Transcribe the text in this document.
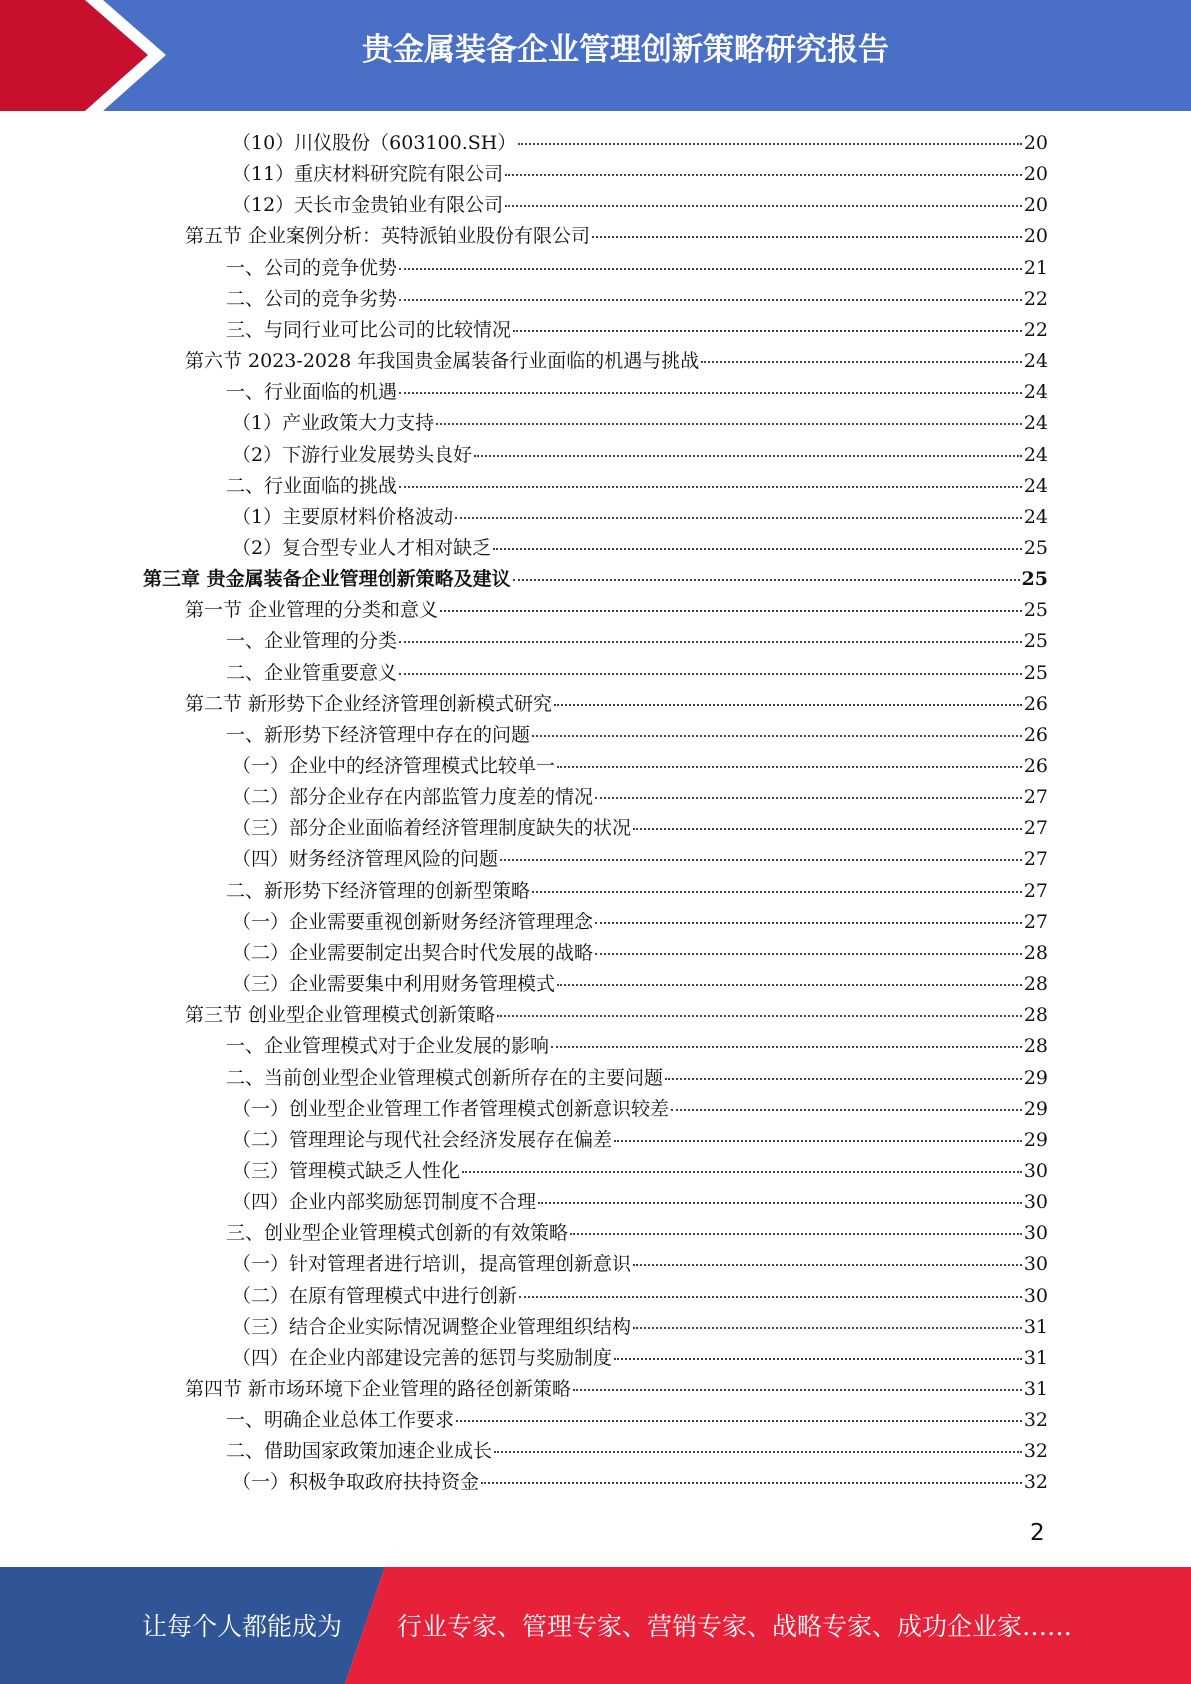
贵金属装备企业管理创新策略研究报告
（10）川仪股份（603100.SH）	20
（11）重庆材料研究院有限公司	20
（12）天长市金贵铂业有限公司	20
第五节 企业案例分析：英特派铂业股份有限公司	20
一、公司的竞争优势	21
二、公司的竞争劣势	22
三、与同行业可比公司的比较情况	22
第六节 2023-2028 年我国贵金属装备行业面临的机遇与挑战	24
一、行业面临的机遇	24
（1）产业政策大力支持	24
（2）下游行业发展势头良好	24
二、行业面临的挑战	24
（1）主要原材料价格波动	24
（2）复合型专业人才相对缺乏	25
第三章 贵金属装备企业管理创新策略及建议	25
第一节 企业管理的分类和意义	25
一、企业管理的分类	25
二、企业管重要意义	25
第二节 新形势下企业经济管理创新模式研究	26
一、新形势下经济管理中存在的问题	26
（一）企业中的经济管理模式比较单一	26
（二）部分企业存在内部监管力度差的情况	27
（三）部分企业面临着经济管理制度缺失的状况	27
（四）财务经济管理风险的问题	27
二、新形势下经济管理的创新型策略	27
（一）企业需要重视创新财务经济管理理念	27
（二）企业需要制定出契合时代发展的战略	28
（三）企业需要集中利用财务管理模式	28
第三节 创业型企业管理模式创新策略	28
一、企业管理模式对于企业发展的影响	28
二、当前创业型企业管理模式创新所存在的主要问题	29
（一）创业型企业管理工作者管理模式创新意识较差	29
（二）管理理论与现代社会经济发展存在偏差	29
（三）管理模式缺乏人性化	30
（四）企业内部奖励惩罚制度不合理	30
三、创业型企业管理模式创新的有效策略	30
（一）针对管理者进行培训，提高管理创新意识	30
（二）在原有管理模式中进行创新	30
（三）结合企业实际情况调整企业管理组织结构	31
（四）在企业内部建设完善的惩罚与奖励制度	31
第四节 新市场环境下企业管理的路径创新策略	31
一、明确企业总体工作要求	32
二、借助国家政策加速企业成长	32
（一）积极争取政府扶持资金	32
2
让每个人都能成为 行业专家、管理专家、营销专家、战略专家、成功企业家……
